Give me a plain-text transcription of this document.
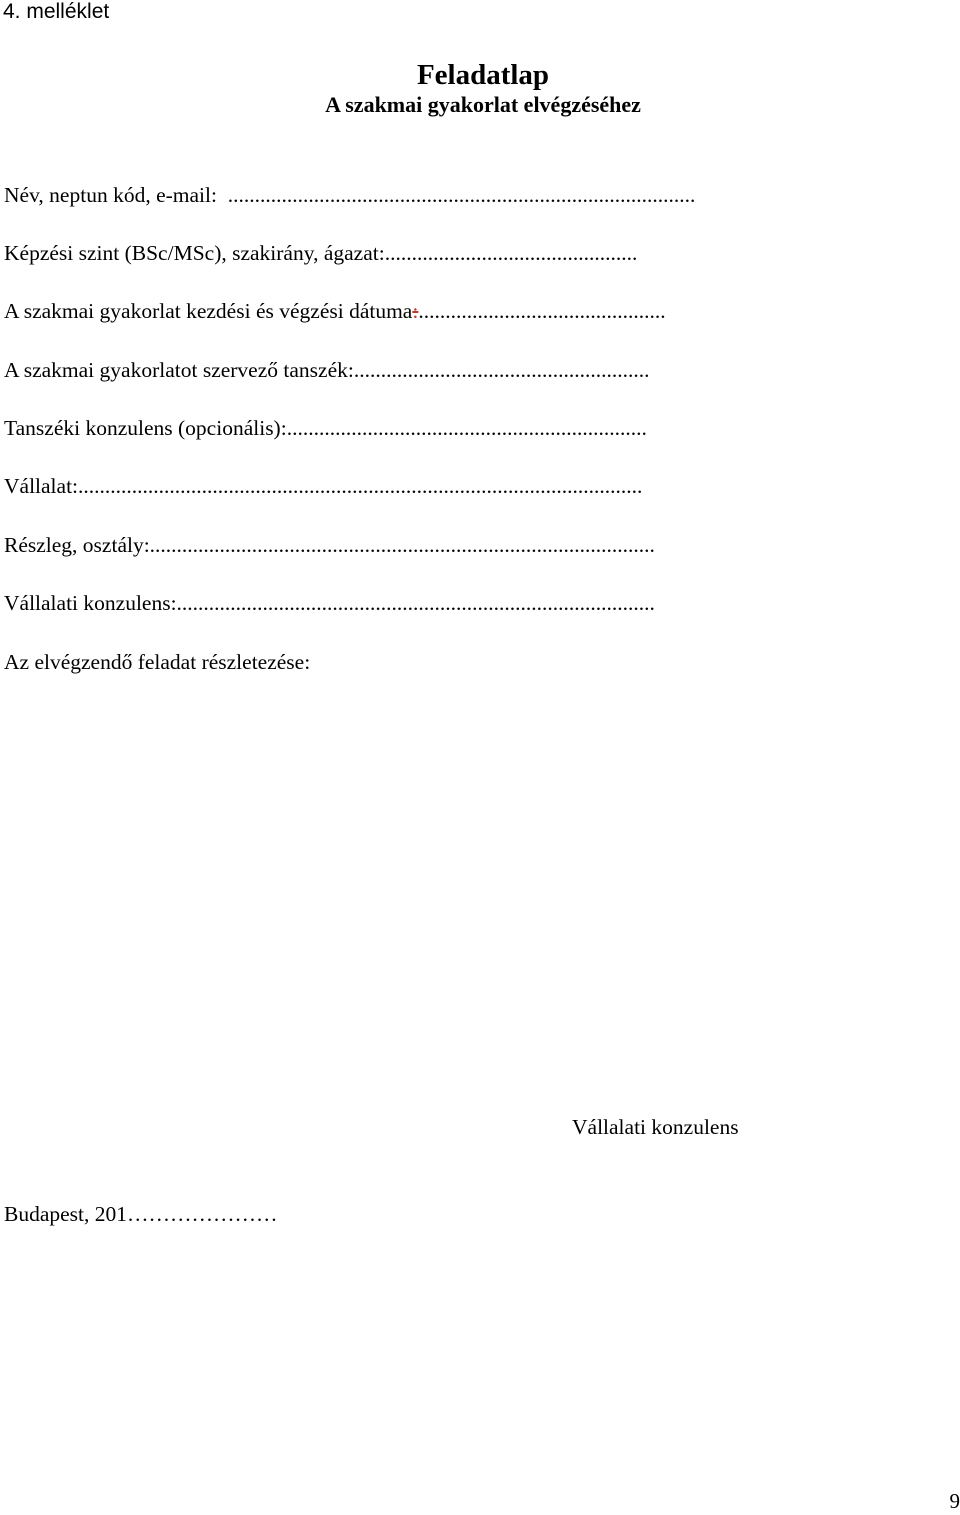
4. melléklet
Feladatlap
A szakmai gyakorlat elvégzéséhez
Név, neptun kód, e-mail:  .......................................................................................
Képzési szint (BSc/MSc), szakirány, ágazat:...............................................
A szakmai gyakorlat kezdési és végzési dátuma:..............................................
A szakmai gyakorlatot szervező tanszék:.......................................................
Tanszéki konzulens (opcionális):...................................................................
Vállalat:.........................................................................................................
Részleg, osztály:..............................................................................................
Vállalati konzulens:.........................................................................................
Az elvégzendő feladat részletezése:
Vállalati konzulens
Budapest, 201…………………
9
